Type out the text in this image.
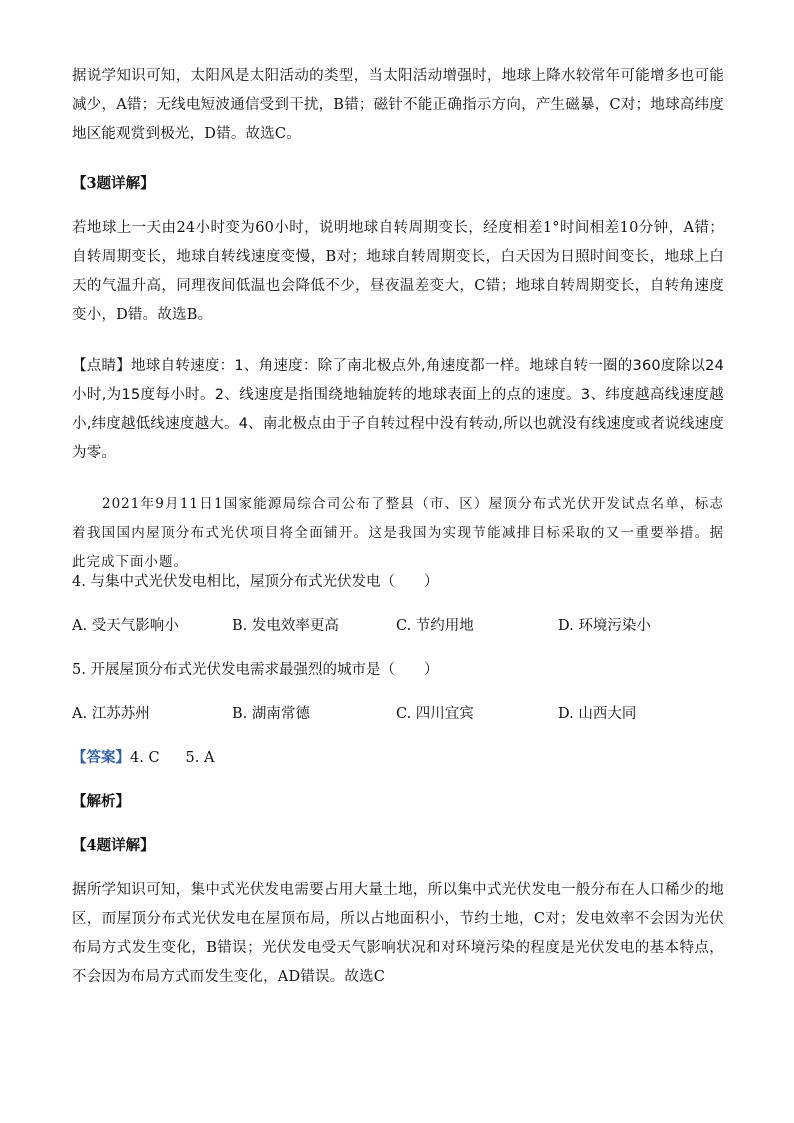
据说学知识可知，太阳风是太阳活动的类型，当太阳活动增强时，地球上降水较常年可能增多也可能减少，A错；无线电短波通信受到干扰，B错；磁针不能正确指示方向，产生磁暴，C对；地球高纬度地区能观赏到极光，D错。故选C。

【3题详解】

若地球上一天由24小时变为60小时，说明地球自转周期变长，经度相差1°时间相差10分钟，A错；自转周期变长，地球自转线速度变慢，B对；地球自转周期变长，白天因为日照时间变长，地球上白天的气温升高，同理夜间低温也会降低不少，昼夜温差变大，C错；地球自转周期变长，自转角速度变小，D错。故选B。

【点睛】地球自转速度：1、角速度：除了南北极点外,角速度都一样。地球自转一圈的360度除以24小时,为15度每小时。2、线速度是指围绕地轴旋转的地球表面上的点的速度。3、纬度越高线速度越小,纬度越低线速度越大。4、南北极点由于子自转过程中没有转动,所以也就没有线速度或者说线速度为零。

2021年9月11日1国家能源局综合司公布了整县（市、区）屋顶分布式光伏开发试点名单，标志着我国国内屋顶分布式光伏项目将全面铺开。这是我国为实现节能减排目标采取的又一重要举措。据此完成下面小题。

4. 与集中式光伏发电相比，屋顶分布式光伏发电（　　）

A. 受天气影响小	B. 发电效率更高	C. 节约用地	D. 环境污染小

5. 开展屋顶分布式光伏发电需求最强烈的城市是（　　）

A. 江苏苏州	B. 湖南常德	C. 四川宜宾	D. 山西大同

【答案】4. C 5. A

【解析】

【4题详解】

据所学知识可知，集中式光伏发电需要占用大量土地，所以集中式光伏发电一般分布在人口稀少的地区，而屋顶分布式光伏发电在屋顶布局，所以占地面积小，节约土地，C对；发电效率不会因为光伏布局方式发生变化，B错误；光伏发电受天气影响状况和对环境污染的程度是光伏发电的基本特点，不会因为布局方式而发生变化，AD错误。故选C
